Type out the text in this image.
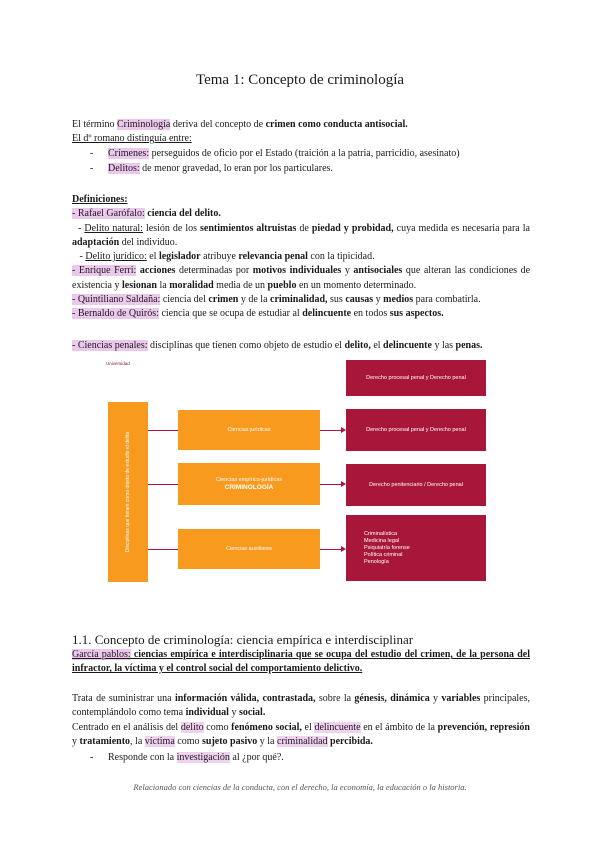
Tema 1: Concepto de criminología
El término Criminología deriva del concepto de crimen como conducta antisocial.
El dº romano distinguía entre:
- Crímenes: perseguidos de oficio por el Estado (traición a la patria, parricidio, asesinato)
- Delitos: de menor gravedad, lo eran por los particulares.
Definiciones:
- Rafael Garófalo: ciencia del delito.
- Delito natural: lesión de los sentimientos altruistas de piedad y probidad, cuya medida es necesaria para la adaptación del individuo.
- Delito jurídico: el legislador atribuye relevancia penal con la tipicidad.
- Enrique Ferri: acciones determinadas por motivos individuales y antisociales que alteran las condiciones de existencia y lesionan la moralidad media de un pueblo en un momento determinado.
- Quintiliano Saldaña: ciencia del crimen y de la criminalidad, sus causas y medios para combatirla.
- Bernaldo de Quirós: ciencia que se ocupa de estudiar al delincuente en todos sus aspectos.
- Ciencias penales: disciplinas que tienen como objeto de estudio el delito, el delincuente y las penas.
Universidad
Disciplinas que tienen como objeto de estudio el delito
Derecho procesal penal y Derecho penal
Ciencias jurídicas
Ciencias empírico-jurídicas
CRIMINOLOGÍA
Ciencias auxiliares
Derecho procesal penal y Derecho penal
Derecho penitenciario / Derecho penal
Criminalística
Medicina legal
Psiquiatría forense
Política criminal
Penología
1.1. Concepto de criminología: ciencia empírica e interdisciplinar
García pablos: ciencias empírica e interdisciplinaria que se ocupa del estudio del crimen, de la persona del infractor, la víctima y el control social del comportamiento delictivo.
Trata de suministrar una información válida, contrastada, sobre la génesis, dinámica y variables principales, contemplándolo como tema individual y social.
Centrado en el análisis del delito como fenómeno social, el delincuente en el ámbito de la prevención, represión y tratamiento, la víctima como sujeto pasivo y la criminalidad percibida.
- Responde con la investigación al ¿por qué?.
Relacionado con ciencias de la conducta, con el derecho, la economía, la educación o la historia.
